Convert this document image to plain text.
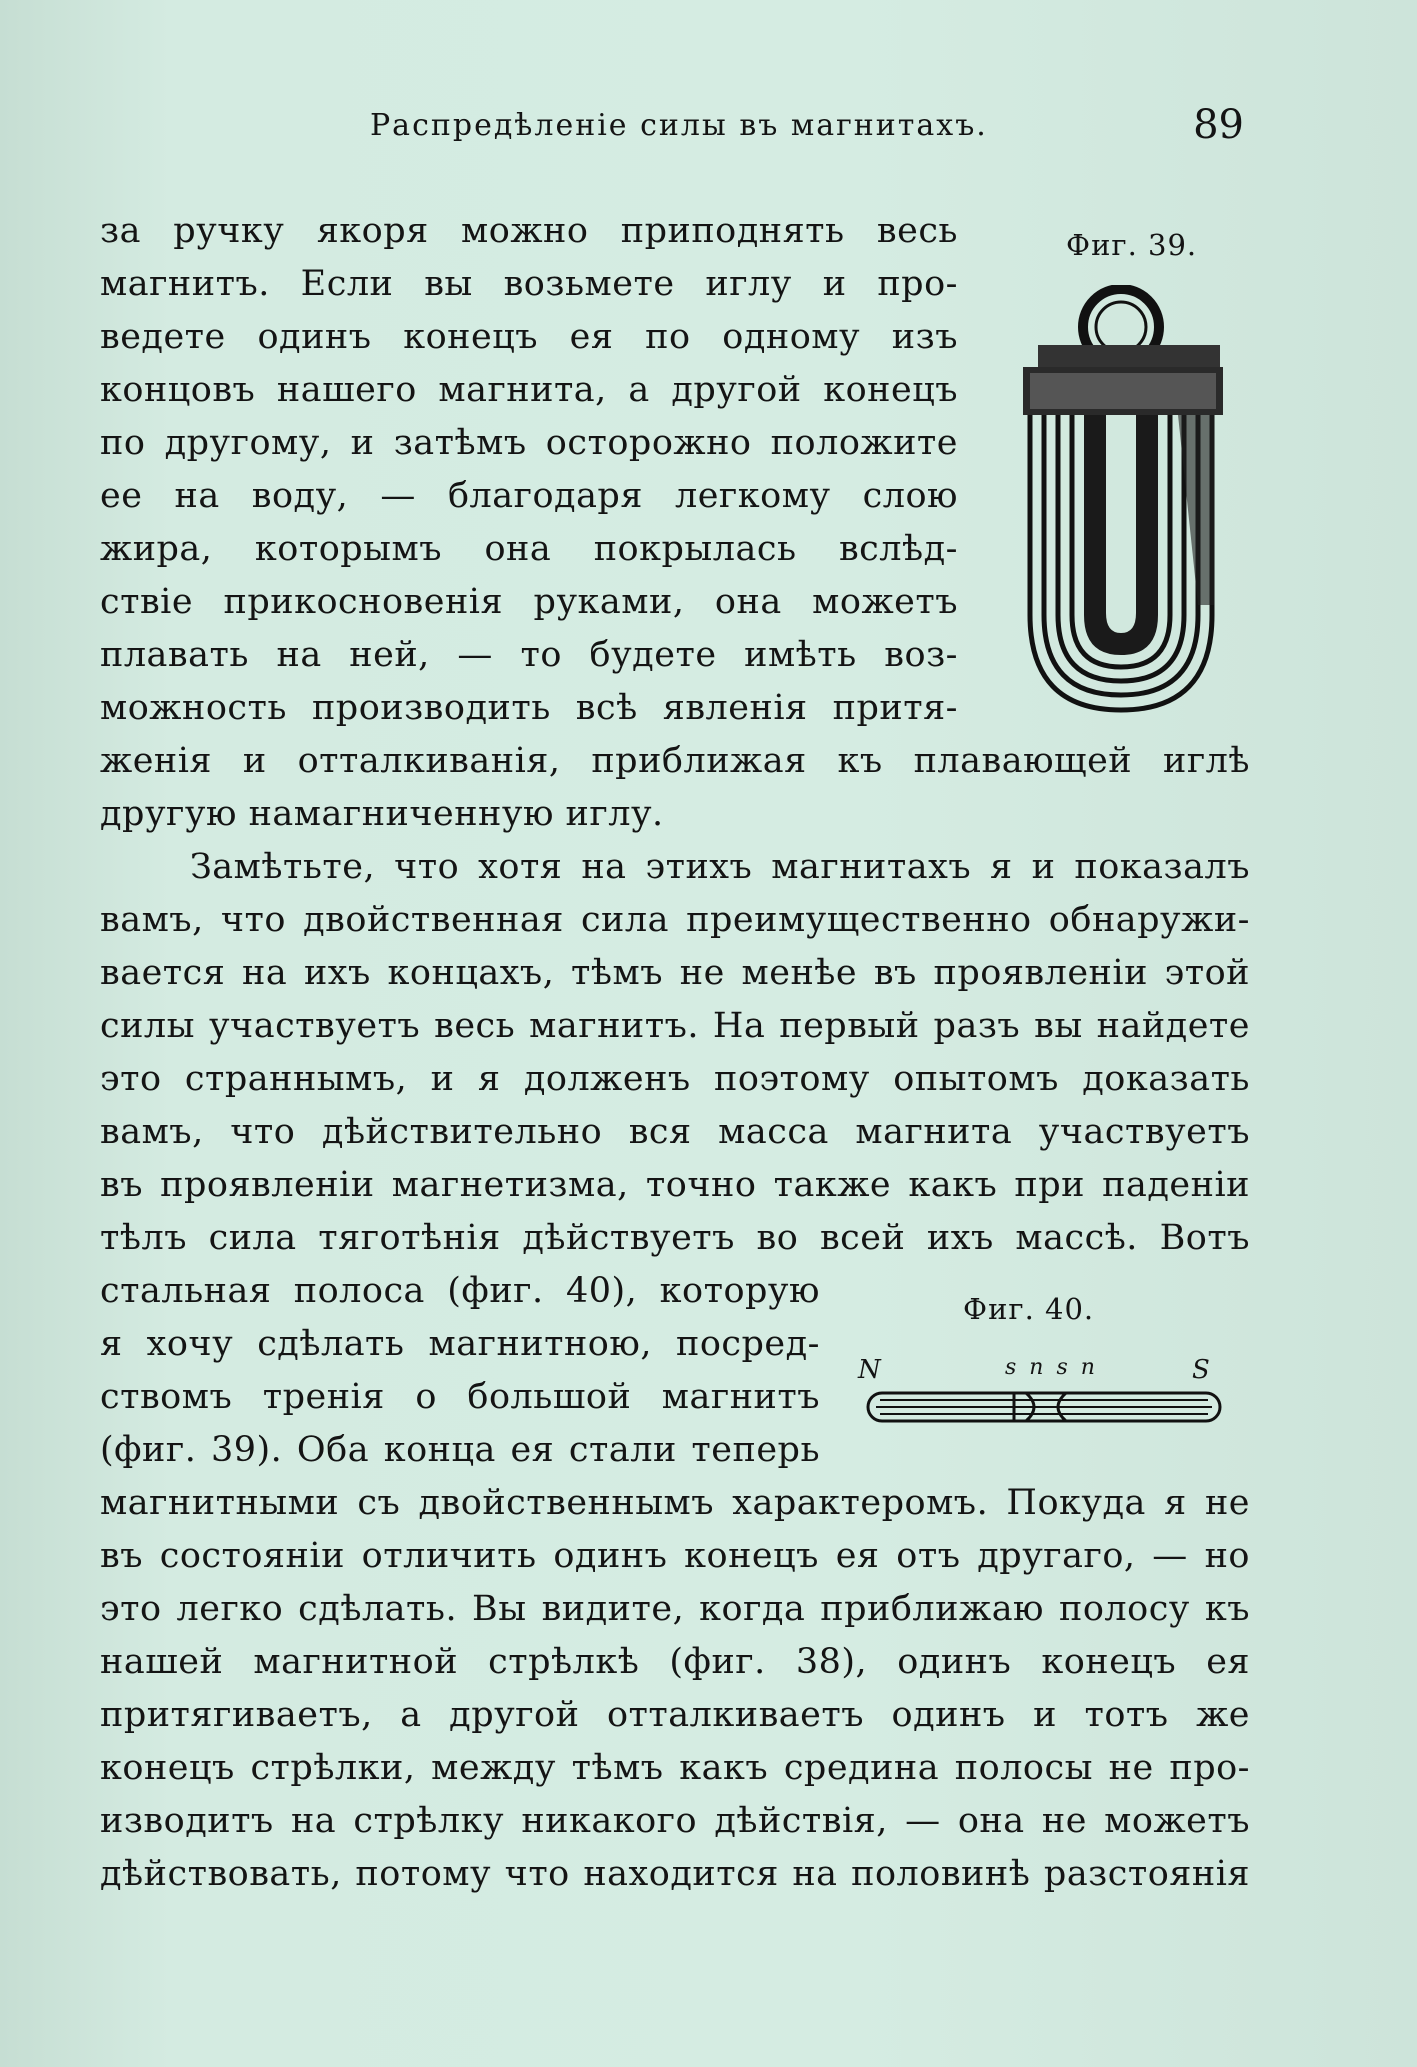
Распредѣленіе силы въ магнитахъ.	89
Фиг. 39.
Фиг. 40.
N	s n s n	S
за ручку якоря можно приподнять весь
магнитъ. Если вы возьмете иглу и про-
ведете одинъ конецъ ея по одному изъ
концовъ нашего магнита, а другой конецъ
по другому, и затѣмъ осторожно положите
ее на воду, — благодаря легкому слою
жира, которымъ она покрылась вслѣд-
ствіе прикосновенія руками, она можетъ
плавать на ней, — то будете имѣть воз-
можность производить всѣ явленія притя-
женія и отталкиванія, приближая къ плавающей иглѣ
другую намагниченную иглу.
Замѣтьте, что хотя на этихъ магнитахъ я и показалъ
вамъ, что двойственная сила преимущественно обнаружи-
вается на ихъ концахъ, тѣмъ не менѣе въ проявленіи этой
силы участвуетъ весь магнитъ. На первый разъ вы найдете
это страннымъ, и я долженъ поэтому опытомъ доказать
вамъ, что дѣйствительно вся масса магнита участвуетъ
въ проявленіи магнетизма, точно также какъ при паденіи
тѣлъ сила тяготѣнія дѣйствуетъ во всей ихъ массѣ. Вотъ
стальная полоса (фиг. 40), которую
я хочу сдѣлать магнитною, посред-
ствомъ тренія о большой магнитъ
(фиг. 39). Оба конца ея стали теперь
магнитными съ двойственнымъ характеромъ. Покуда я не
въ состояніи отличить одинъ конецъ ея отъ другаго, — но
это легко сдѣлать. Вы видите, когда приближаю полосу къ
нашей магнитной стрѣлкѣ (фиг. 38), одинъ конецъ ея
притягиваетъ, а другой отталкиваетъ одинъ и тотъ же
конецъ стрѣлки, между тѣмъ какъ средина полосы не про-
изводитъ на стрѣлку никакого дѣйствія, — она не можетъ
дѣйствовать, потому что находится на половинѣ разстоянія
